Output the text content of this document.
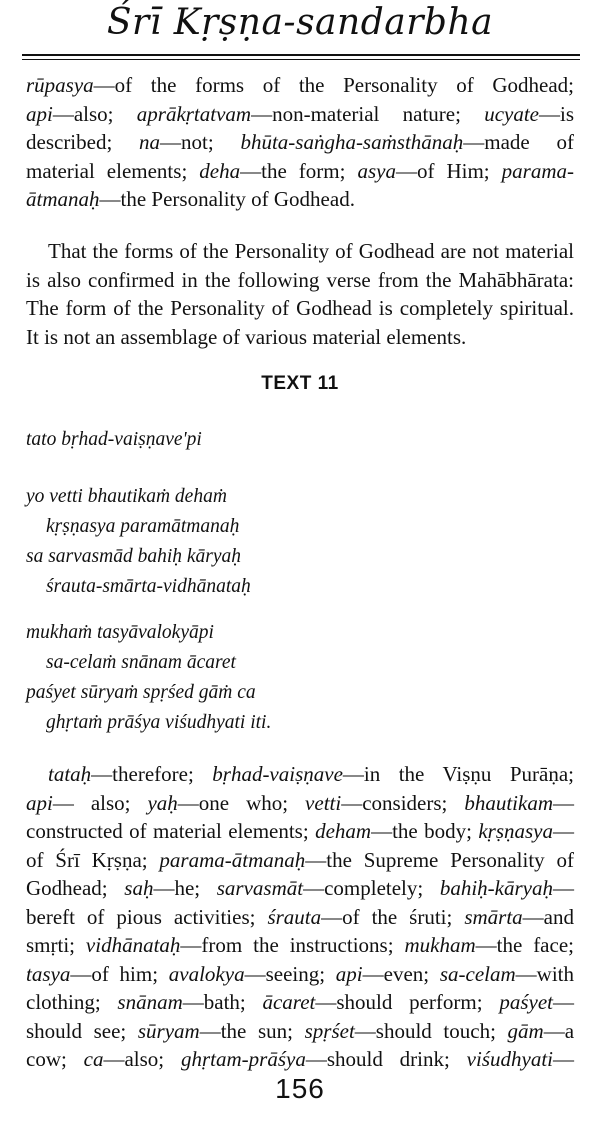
Śrī Kṛṣṇa-sandarbha
rūpasya—of the forms of the Personality of Godhead;
api—also; aprākṛtatvam—non-material nature; ucyate—is
described; na—not; bhūta-saṅgha-saṁsthānaḥ—made of
material elements; deha—the form; asya—of Him; parama-
ātmanaḥ—the Personality of Godhead.
That the forms of the Personality of Godhead are not material
is also confirmed in the following verse from the Mahābhārata:
The form of the Personality of Godhead is completely spiritual.
It is not an assemblage of various material elements.
TEXT 11
tato bṛhad-vaiṣṇave'pi
yo vetti bhautikaṁ dehaṁ
kṛṣṇasya paramātmanaḥ
sa sarvasmād bahiḥ kāryaḥ
śrauta-smārta-vidhānataḥ
mukhaṁ tasyāvalokyāpi
sa-celaṁ snānam ācaret
paśyet sūryaṁ spṛśed gāṁ ca
ghṛtaṁ prāśya viśudhyati iti.
tataḥ—therefore; bṛhad-vaiṣṇave—in the Viṣṇu Purāṇa;
api— also; yaḥ—one who; vetti—considers; bhautikam—
constructed of material elements; deham—the body; kṛṣṇasya—
of Śrī Kṛṣṇa; parama-ātmanaḥ—the Supreme Personality of
Godhead; saḥ—he; sarvasmāt—completely; bahiḥ-kāryaḥ—
bereft of pious activities; śrauta—of the śruti; smārta—and
smṛti; vidhānataḥ—from the instructions; mukham—the face;
tasya—of him; avalokya—seeing; api—even; sa-celam—with
clothing; snānam—bath; ācaret—should perform; paśyet—
should see; sūryam—the sun; spṛśet—should touch; gām—a
cow; ca—also; ghṛtam-prāśya—should drink; viśudhyati—
156
